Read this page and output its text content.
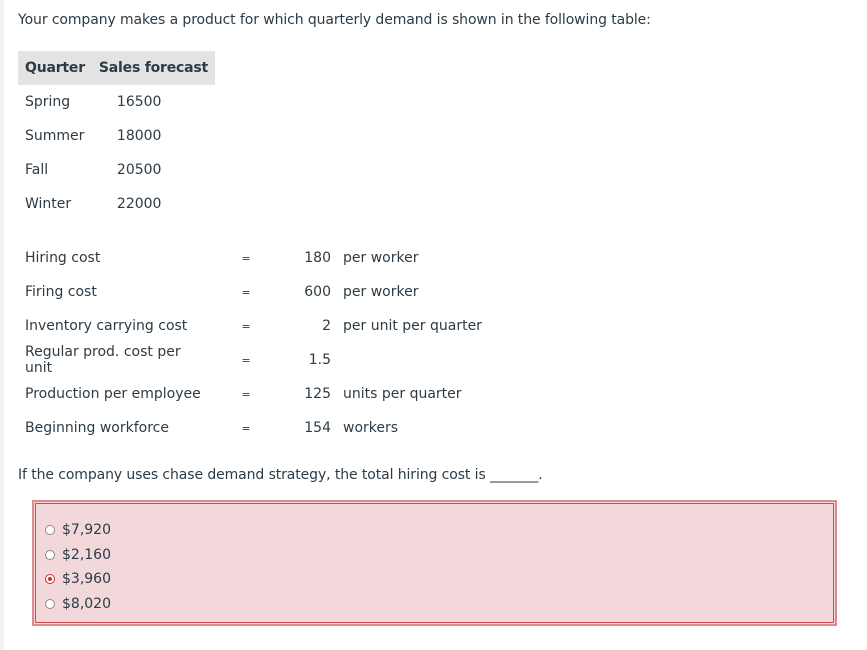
Your company makes a product for which quarterly demand is shown in the following table:
Quarter	Sales forecast
Spring	16500
Summer	18000
Fall	20500
Winter	22000
Hiring cost	=	180	per worker
Firing cost	=	600	per worker
Inventory carrying cost	=	2	per unit per quarter
Regular prod. cost per unit	=	1.5	
Production per employee	=	125	units per quarter
Beginning workforce	=	154	workers
If the company uses chase demand strategy, the total hiring cost is _______.
$7,920
$2,160
$3,960
$8,020
